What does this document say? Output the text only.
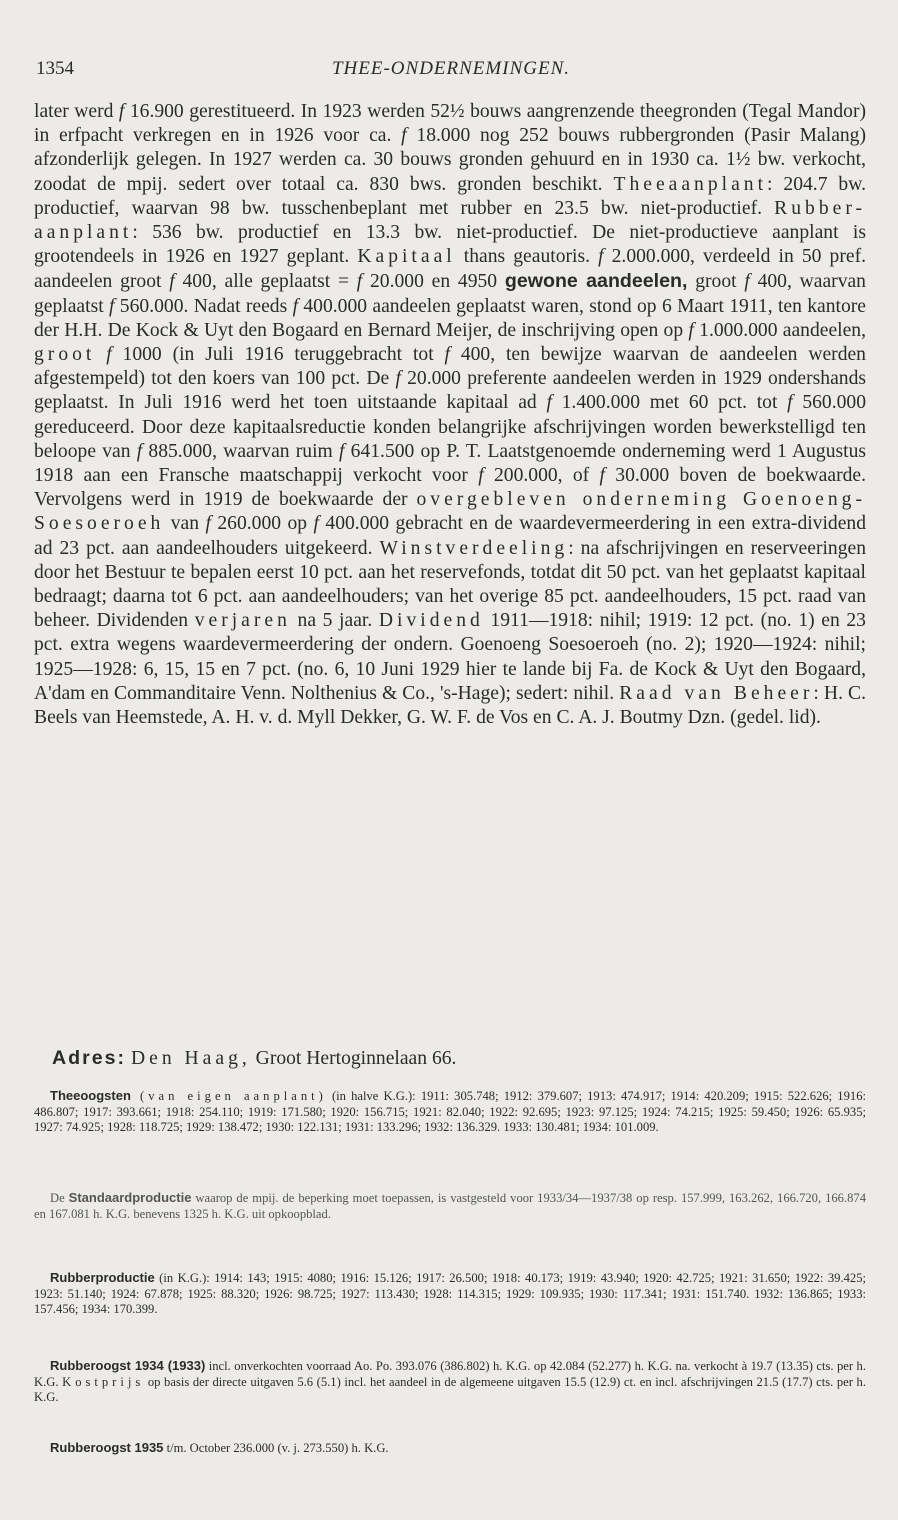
1354	THEE-ONDERNEMINGEN.

later werd f 16.900 gerestitueerd. In 1923 werden 52½ bouws aangrenzende theegronden (Tegal Mandor) in erfpacht verkregen en in 1926 voor ca. f 18.000 nog 252 bouws rubbergronden (Pasir Malang) afzonderlijk gelegen. In 1927 werden ca. 30 bouws gronden gehuurd en in 1930 ca. 1½ bw. verkocht, zoodat de mpij. sedert over totaal ca. 830 bws. gronden beschikt. Theeaanplant: 204.7 bw. productief, waarvan 98 bw. tusschenbeplant met rubber en 23.5 bw. niet-productief. Rubber-aanplant: 536 bw. productief en 13.3 bw. niet-productief. De niet-productieve aanplant is grootendeels in 1926 en 1927 geplant. Kapitaal thans geautoris. f 2.000.000, verdeeld in 50 pref. aandeelen groot f 400, alle geplaatst = f 20.000 en 4950 gewone aandeelen, groot f 400, waarvan geplaatst f 560.000. Nadat reeds f 400.000 aandeelen geplaatst waren, stond op 6 Maart 1911, ten kantore der H.H. De Kock & Uyt den Bogaard en Bernard Meijer, de inschrijving open op f 1.000.000 aandeelen, groot f 1000 (in Juli 1916 teruggebracht tot f 400, ten bewijze waarvan de aandeelen werden afgestempeld) tot den koers van 100 pct. De f 20.000 preferente aandeelen werden in 1929 ondershands geplaatst. In Juli 1916 werd het toen uitstaande kapitaal ad f 1.400.000 met 60 pct. tot f 560.000 gereduceerd. Door deze kapitaalsreductie konden belangrijke afschrijvingen worden bewerkstelligd ten beloope van f 885.000, waarvan ruim f 641.500 op P. T. Laatstgenoemde onderneming werd 1 Augustus 1918 aan een Fransche maatschappij verkocht voor f 200.000, of f 30.000 boven de boekwaarde. Vervolgens werd in 1919 de boekwaarde der overgebleven onderneming Goenoeng-Soesoeroeh van f 260.000 op f 400.000 gebracht en de waardevermeerdering in een extra-dividend ad 23 pct. aan aandeelhouders uitgekeerd. Winstverdeeling: na afschrijvingen en reserveeringen door het Bestuur te bepalen eerst 10 pct. aan het reservefonds, totdat dit 50 pct. van het geplaatst kapitaal bedraagt; daarna tot 6 pct. aan aandeelhouders; van het overige 85 pct. aandeelhouders, 15 pct. raad van beheer. Dividenden verjaren na 5 jaar. Dividend 1911—1918: nihil; 1919: 12 pct. (no. 1) en 23 pct. extra wegens waardevermeerdering der ondern. Goenoeng Soesoeroeh (no. 2); 1920—1924: nihil; 1925—1928: 6, 15, 15 en 7 pct. (no. 6, 10 Juni 1929 hier te lande bij Fa. de Kock & Uyt den Bogaard, A'dam en Commanditaire Venn. Nolthenius & Co., 's-Hage); sedert: nihil. Raad van Beheer: H. C. Beels van Heemstede, A. H. v. d. Myll Dekker, G. W. F. de Vos en C. A. J. Boutmy Dzn. (gedel. lid).

Adres: Den Haag, Groot Hertoginnelaan 66.

Theeoogsten (van eigen aanplant) (in halve K.G.): 1911: 305.748; 1912: 379.607; 1913: 474.917; 1914: 420.209; 1915: 522.626; 1916: 486.807; 1917: 393.661; 1918: 254.110; 1919: 171.580; 1920: 156.715; 1921: 82.040; 1922: 92.695; 1923: 97.125; 1924: 74.215; 1925: 59.450; 1926: 65.935; 1927: 74.925; 1928: 118.725; 1929: 138.472; 1930: 122.131; 1931: 133.296; 1932: 136.329. 1933: 130.481; 1934: 101.009.

De Standaardproductie waarop de mpij. de beperking moet toepassen, is vastgesteld voor 1933/34—1937/38 op resp. 157.999, 163.262, 166.720, 166.874 en 167.081 h. K.G. benevens 1325 h. K.G. uit opkoopblad.

Rubberproductie (in K.G.): 1914: 143; 1915: 4080; 1916: 15.126; 1917: 26.500; 1918: 40.173; 1919: 43.940; 1920: 42.725; 1921: 31.650; 1922: 39.425; 1923: 51.140; 1924: 67.878; 1925: 88.320; 1926: 98.725; 1927: 113.430; 1928: 114.315; 1929: 109.935; 1930: 117.341; 1931: 151.740. 1932: 136.865; 1933: 157.456; 1934: 170.399.

Rubberoogst 1934 (1933) incl. onverkochten voorraad Ao. Po. 393.076 (386.802) h. K.G. op 42.084 (52.277) h. K.G. na. verkocht à 19.7 (13.35) cts. per h. K.G. Kostprijs op basis der directe uitgaven 5.6 (5.1) incl. het aandeel in de algemeene uitgaven 15.5 (12.9) ct. en incl. afschrijvingen 21.5 (17.7) cts. per h. K.G.

Rubberoogst 1935 t/m. October 236.000 (v. j. 273.550) h. K.G.
